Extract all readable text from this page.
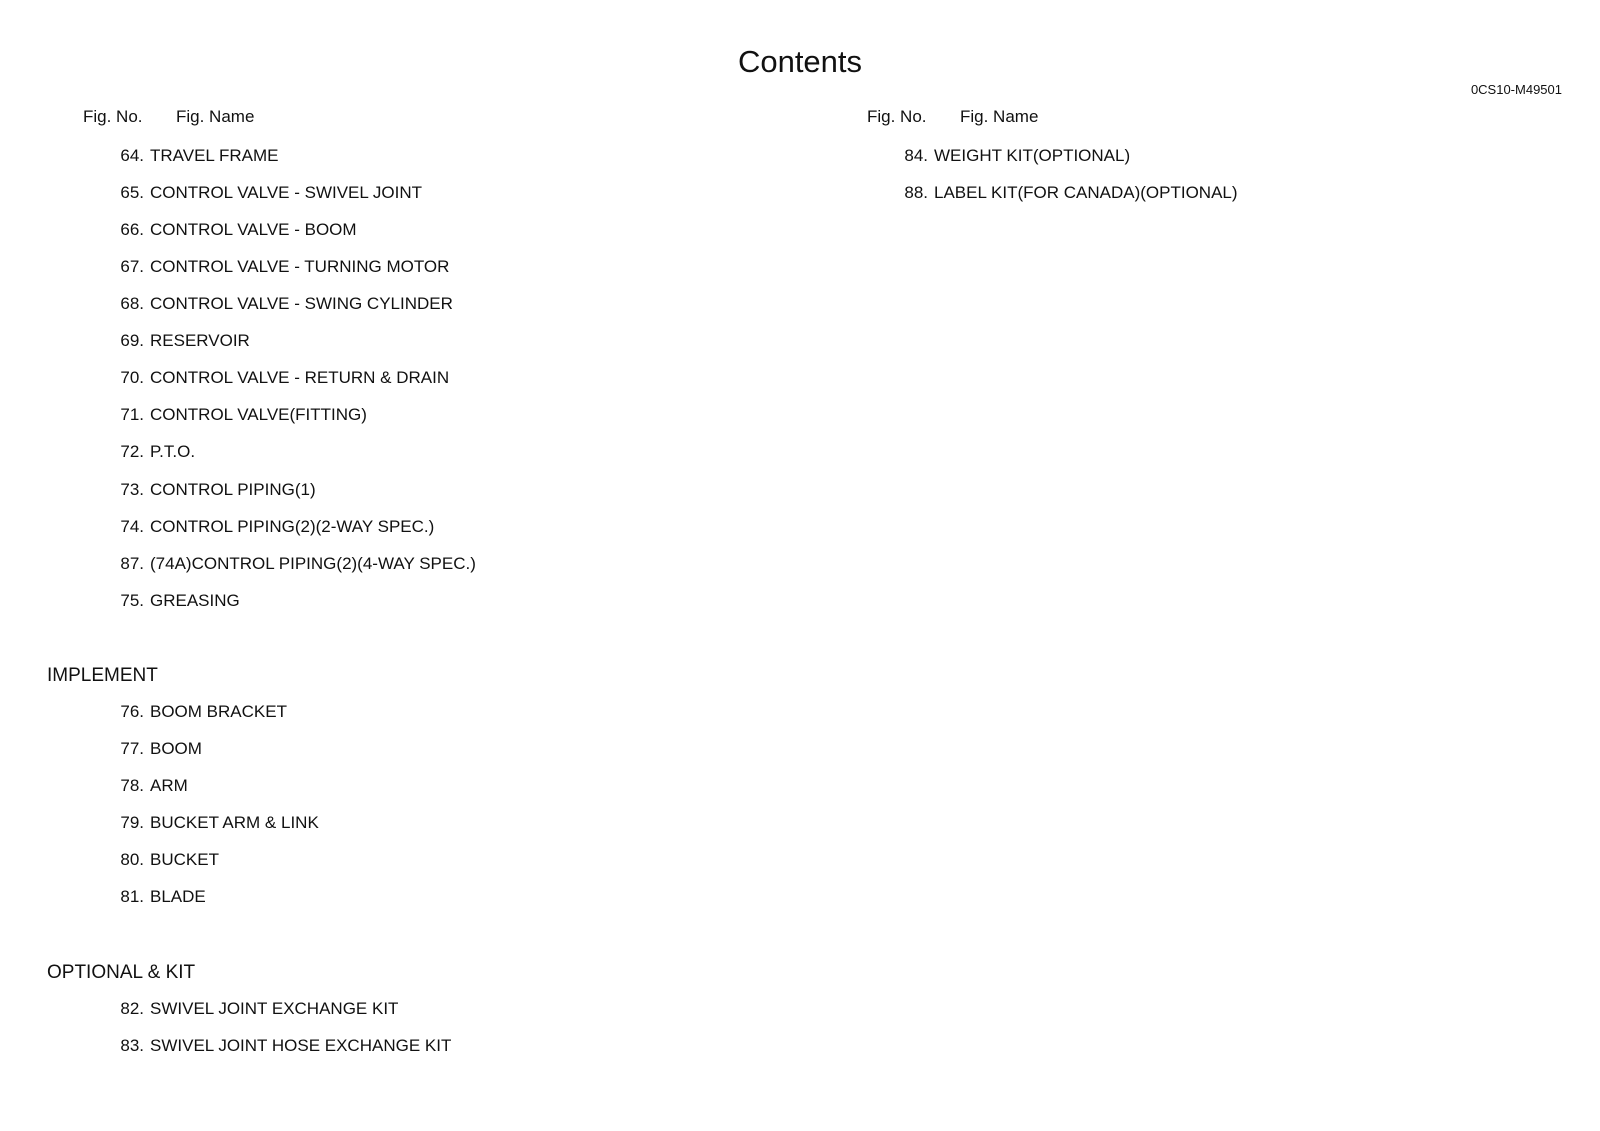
Contents
0CS10-M49501
Fig. No. Fig. Name	Fig. No. Fig. Name
64. TRAVEL FRAME
65. CONTROL VALVE - SWIVEL JOINT
66. CONTROL VALVE - BOOM
67. CONTROL VALVE - TURNING MOTOR
68. CONTROL VALVE - SWING CYLINDER
69. RESERVOIR
70. CONTROL VALVE - RETURN & DRAIN
71. CONTROL VALVE(FITTING)
72. P.T.O.
73. CONTROL PIPING(1)
74. CONTROL PIPING(2)(2-WAY SPEC.)
87. (74A)CONTROL PIPING(2)(4-WAY SPEC.)
75. GREASING
IMPLEMENT
76. BOOM BRACKET
77. BOOM
78. ARM
79. BUCKET ARM & LINK
80. BUCKET
81. BLADE
OPTIONAL & KIT
82. SWIVEL JOINT EXCHANGE KIT
83. SWIVEL JOINT HOSE EXCHANGE KIT
84. WEIGHT KIT(OPTIONAL)
88. LABEL KIT(FOR CANADA)(OPTIONAL)
